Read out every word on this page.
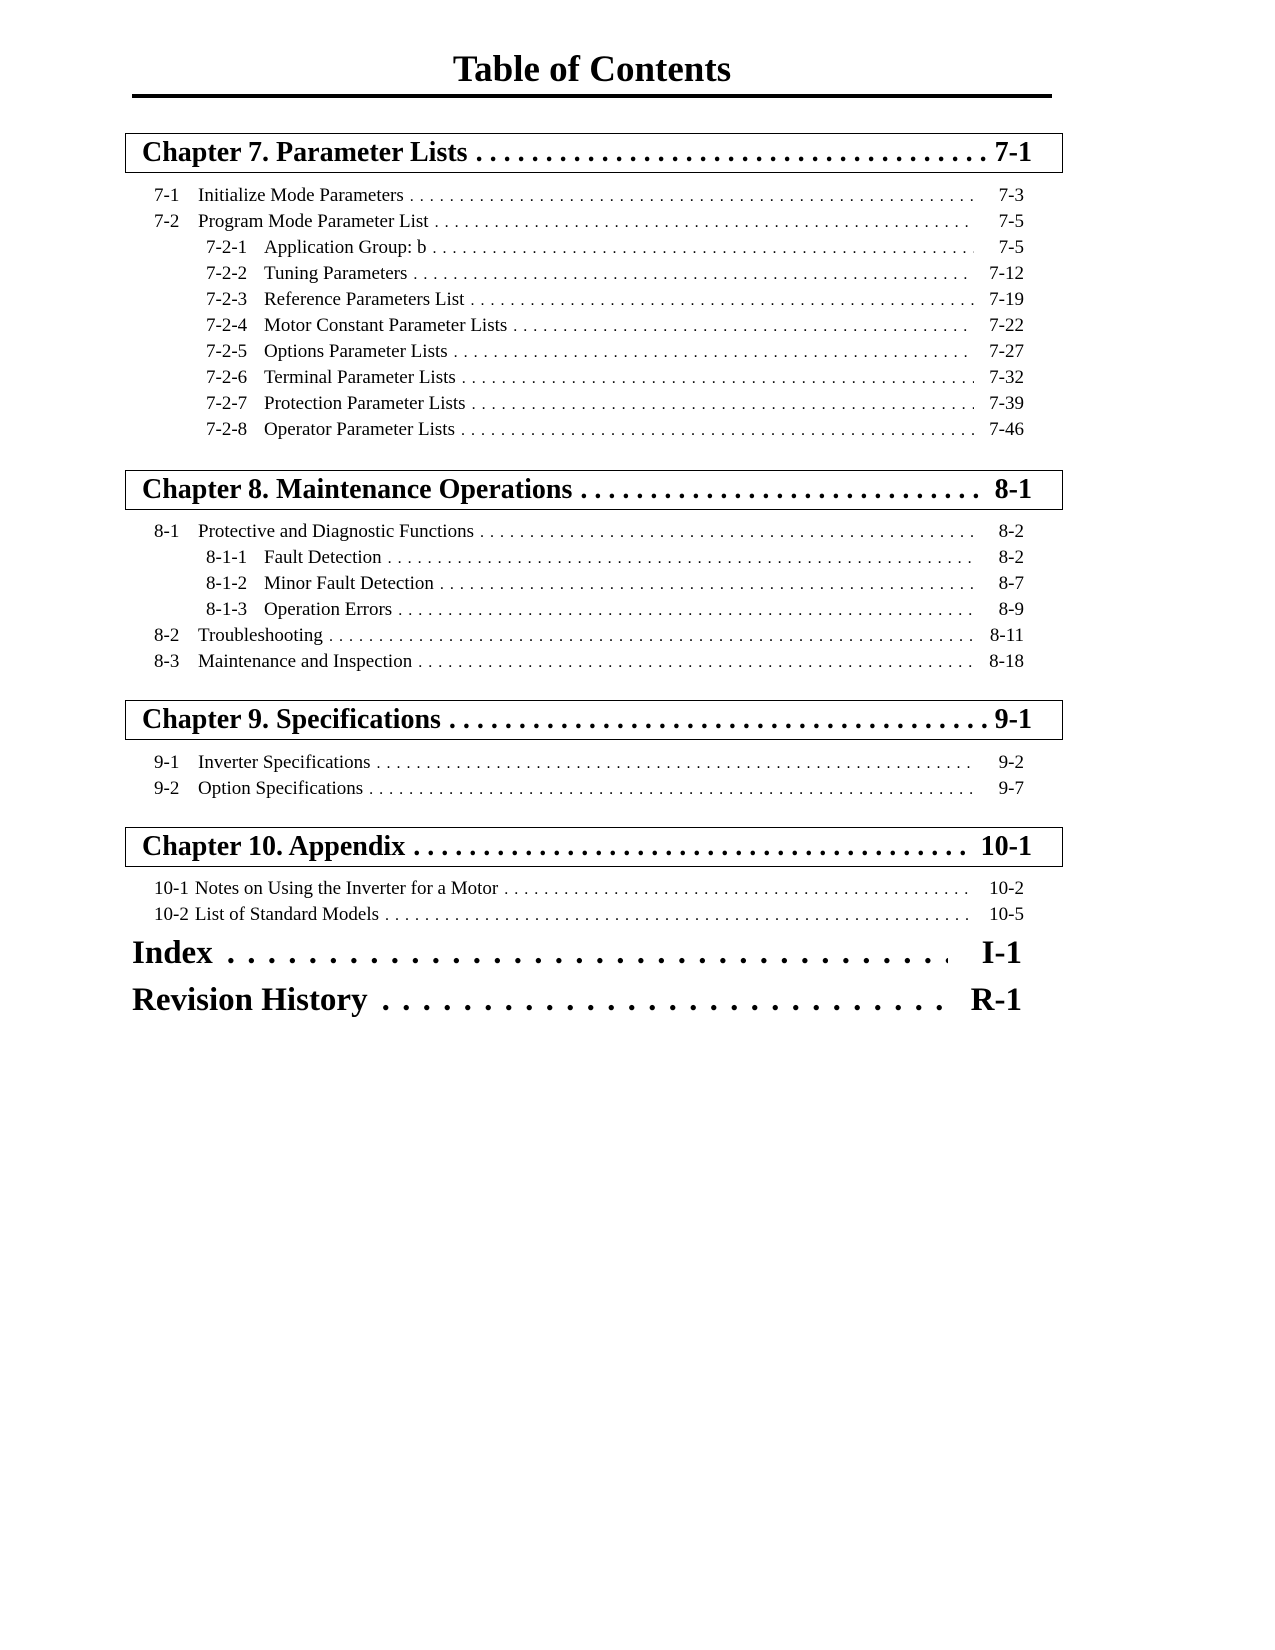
Table of Contents
Chapter 7. Parameter Lists . . .	7-1
7-1 Initialize Mode Parameters . . .	7-3
7-2 Program Mode Parameter List . . .	7-5
7-2-1 Application Group: b . . .	7-5
7-2-2 Tuning Parameters . . .	7-12
7-2-3 Reference Parameters List . . .	7-19
7-2-4 Motor Constant Parameter Lists . . .	7-22
7-2-5 Options Parameter Lists . . .	7-27
7-2-6 Terminal Parameter Lists . . .	7-32
7-2-7 Protection Parameter Lists . . .	7-39
7-2-8 Operator Parameter Lists . . .	7-46
Chapter 8. Maintenance Operations . . .	8-1
8-1 Protective and Diagnostic Functions . . .	8-2
8-1-1 Fault Detection . . .	8-2
8-1-2 Minor Fault Detection . . .	8-7
8-1-3 Operation Errors . . .	8-9
8-2 Troubleshooting . . .	8-11
8-3 Maintenance and Inspection . . .	8-18
Chapter 9. Specifications . . .	9-1
9-1 Inverter Specifications . . .	9-2
9-2 Option Specifications . . .	9-7
Chapter 10. Appendix . . .	10-1
10-1 Notes on Using the Inverter for a Motor . . .	10-2
10-2 List of Standard Models . . .	10-5
Index . . .	I-1
Revision History . . .	R-1
